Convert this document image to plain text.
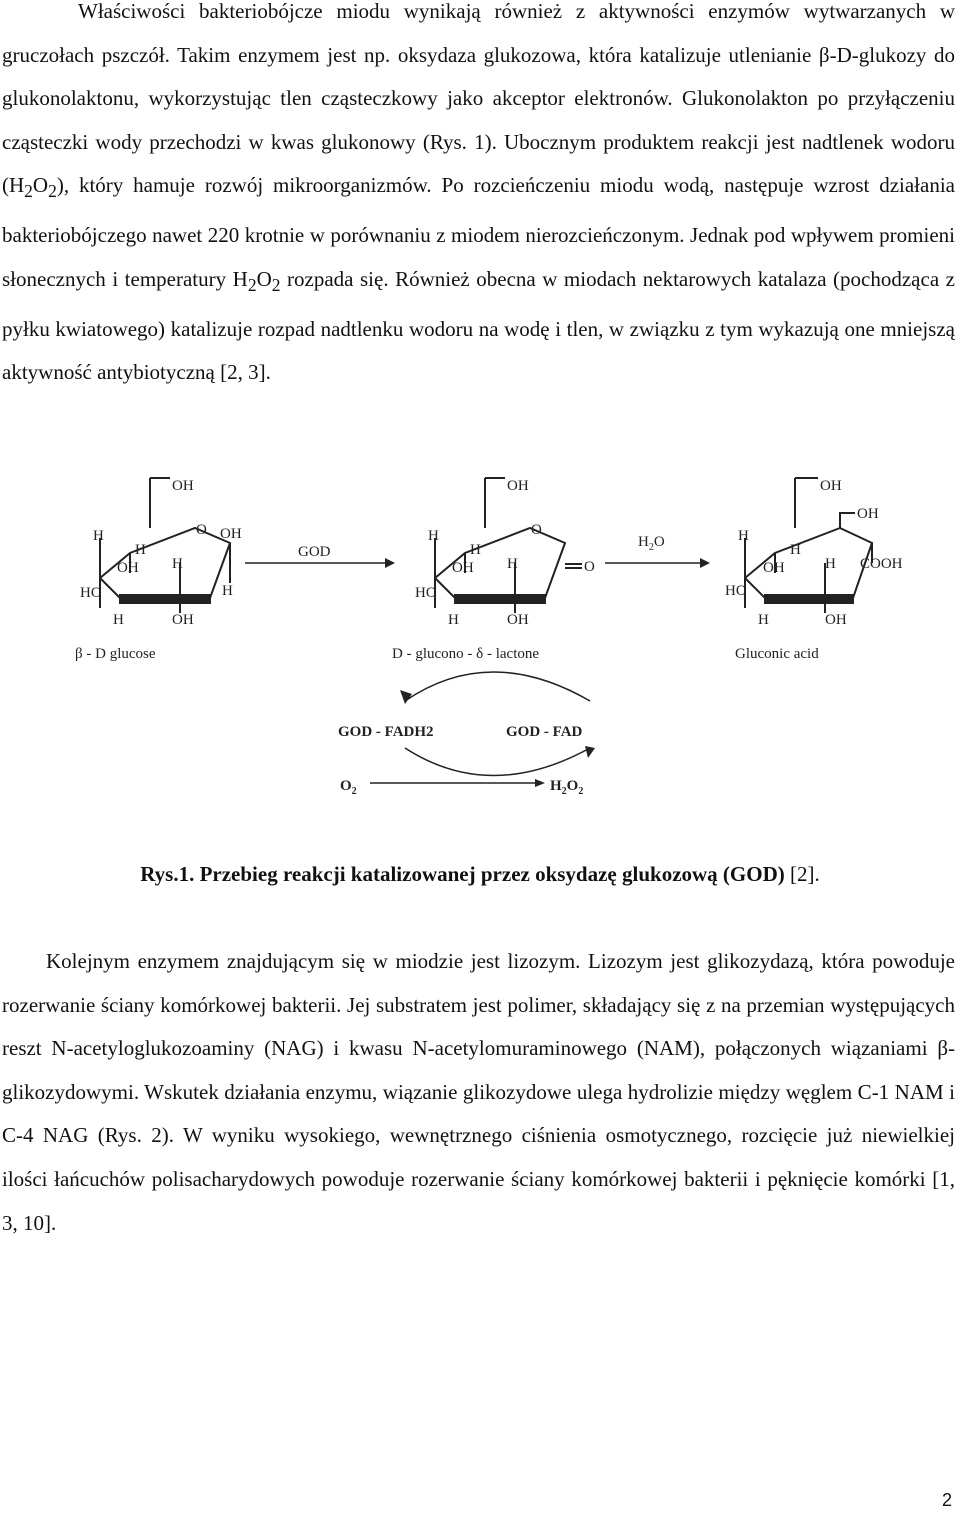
Właściwości bakteriobójcze miodu wynikają również z aktywności enzymów wytwarzanych w gruczołach pszczół. Takim enzymem jest np. oksydaza glukozowa, która katalizuje utlenianie β-D-glukozy do glukonolaktonu, wykorzystując tlen cząsteczkowy jako akceptor elektronów. Glukonolakton po przyłączeniu cząsteczki wody przechodzi w kwas glukonowy (Rys. 1). Ubocznym produktem reakcji jest nadtlenek wodoru $(H_2O_2)$, który hamuje rozwój mikroorganizmów. Po rozcieńczeniu miodu wodą, następuje wzrost działania bakteriobójczego nawet 220 krotnie w porównaniu z miodem nierozcieńczonym. Jednak pod wpływem promieni słonecznych i temperatury $H_2O_2$ rozpada się. Również obecna w miodach nektarowych katalaza (pochodząca z pyłku kwiatowego) katalizuje rozpad nadtlenku wodoru na wodę i tlen, w związku z tym wykazują one mniejszą aktywność antybiotyczną [2, 3].

OH
H
H
OH
O OH
H
H
HO
H	OH
β - D glucose
GOD
OH
H
H
OH
O
H	O
HO
H	OH
D - glucono - δ - lactone
$H_2O$
OH
OH
H
H
OH	H COOH
HO
H	OH
Gluconic acid
GOD - FADH2	GOD - FAD
$O_2$	$H_2O_2$

Rys.1. Przebieg reakcji katalizowanej przez oksydazę glukozową (GOD) [2].

Kolejnym enzymem znajdującym się w miodzie jest lizozym. Lizozym jest glikozydazą, która powoduje rozerwanie ściany komórkowej bakterii. Jej substratem jest polimer, składający się z na przemian występujących reszt N-acetyloglukozoaminy (NAG) i kwasu N-acetylomuraminowego (NAM), połączonych wiązaniami β-glikozydowymi. Wskutek działania enzymu, wiązanie glikozydowe ulega hydrolizie między węglem C-1 NAM i C-4 NAG (Rys. 2). W wyniku wysokiego, wewnętrznego ciśnienia osmotycznego, rozcięcie już niewielkiej ilości łańcuchów polisacharydowych powoduje rozerwanie ściany komórkowej bakterii i pęknięcie komórki [1, 3, 10].

2
